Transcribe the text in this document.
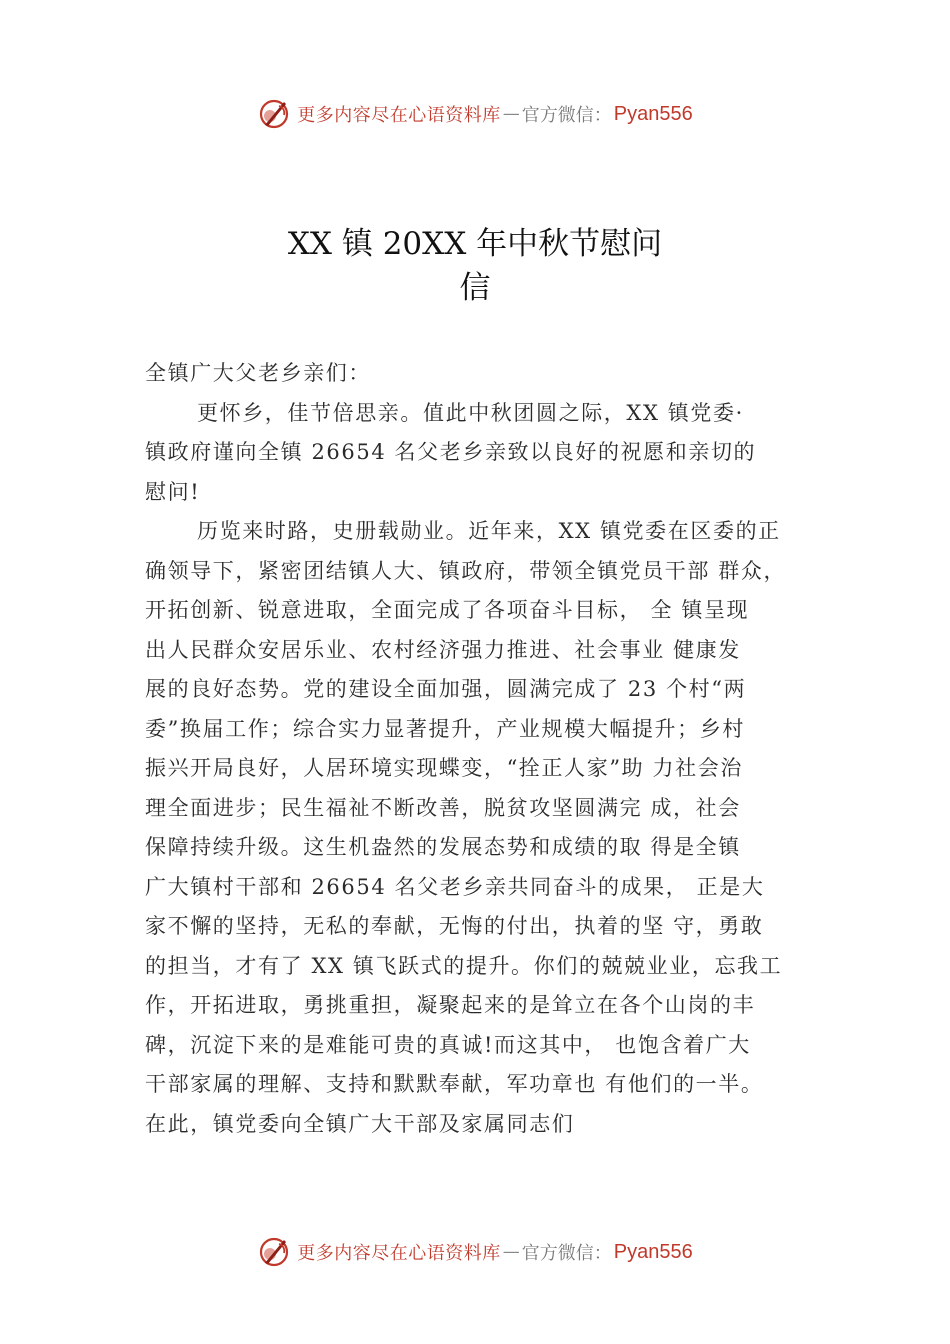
更多内容尽在心语资料库 — 官方微信： Pyan556
XX 镇 20XX 年中秋节慰问
信
全镇广大父老乡亲们：
更怀乡，佳节倍思亲。值此中秋团圆之际，XX 镇党委·
镇政府谨向全镇 26654 名父老乡亲致以良好的祝愿和亲切的
慰问!
历览来时路，史册载勋业。近年来，XX 镇党委在区委的正
确领导下，紧密团结镇人大、镇政府，带领全镇党员干部 群众，
开拓创新、锐意进取，全面完成了各项奋斗目标， 全 镇呈现
出人民群众安居乐业、农村经济强力推进、社会事业 健康发
展的良好态势。党的建设全面加强，圆满完成了 23 个村“两
委”换届工作；综合实力显著提升，产业规模大幅提升；乡村
振兴开局良好，人居环境实现蝶变，“拴正人家”助 力社会治
理全面进步；民生福祉不断改善，脱贫攻坚圆满完 成，社会
保障持续升级。这生机盎然的发展态势和成绩的取 得是全镇
广大镇村干部和 26654 名父老乡亲共同奋斗的成果， 正是大
家不懈的坚持，无私的奉献，无悔的付出，执着的坚 守，勇敢
的担当，才有了 XX 镇飞跃式的提升。你们的兢兢业业，忘我工
作，开拓进取，勇挑重担，凝聚起来的是耸立在各个山岗的丰
碑，沉淀下来的是难能可贵的真诚!而这其中， 也饱含着广大
干部家属的理解、支持和默默奉献，军功章也 有他们的一半。
在此，镇党委向全镇广大干部及家属同志们
更多内容尽在心语资料库 — 官方微信： Pyan556
